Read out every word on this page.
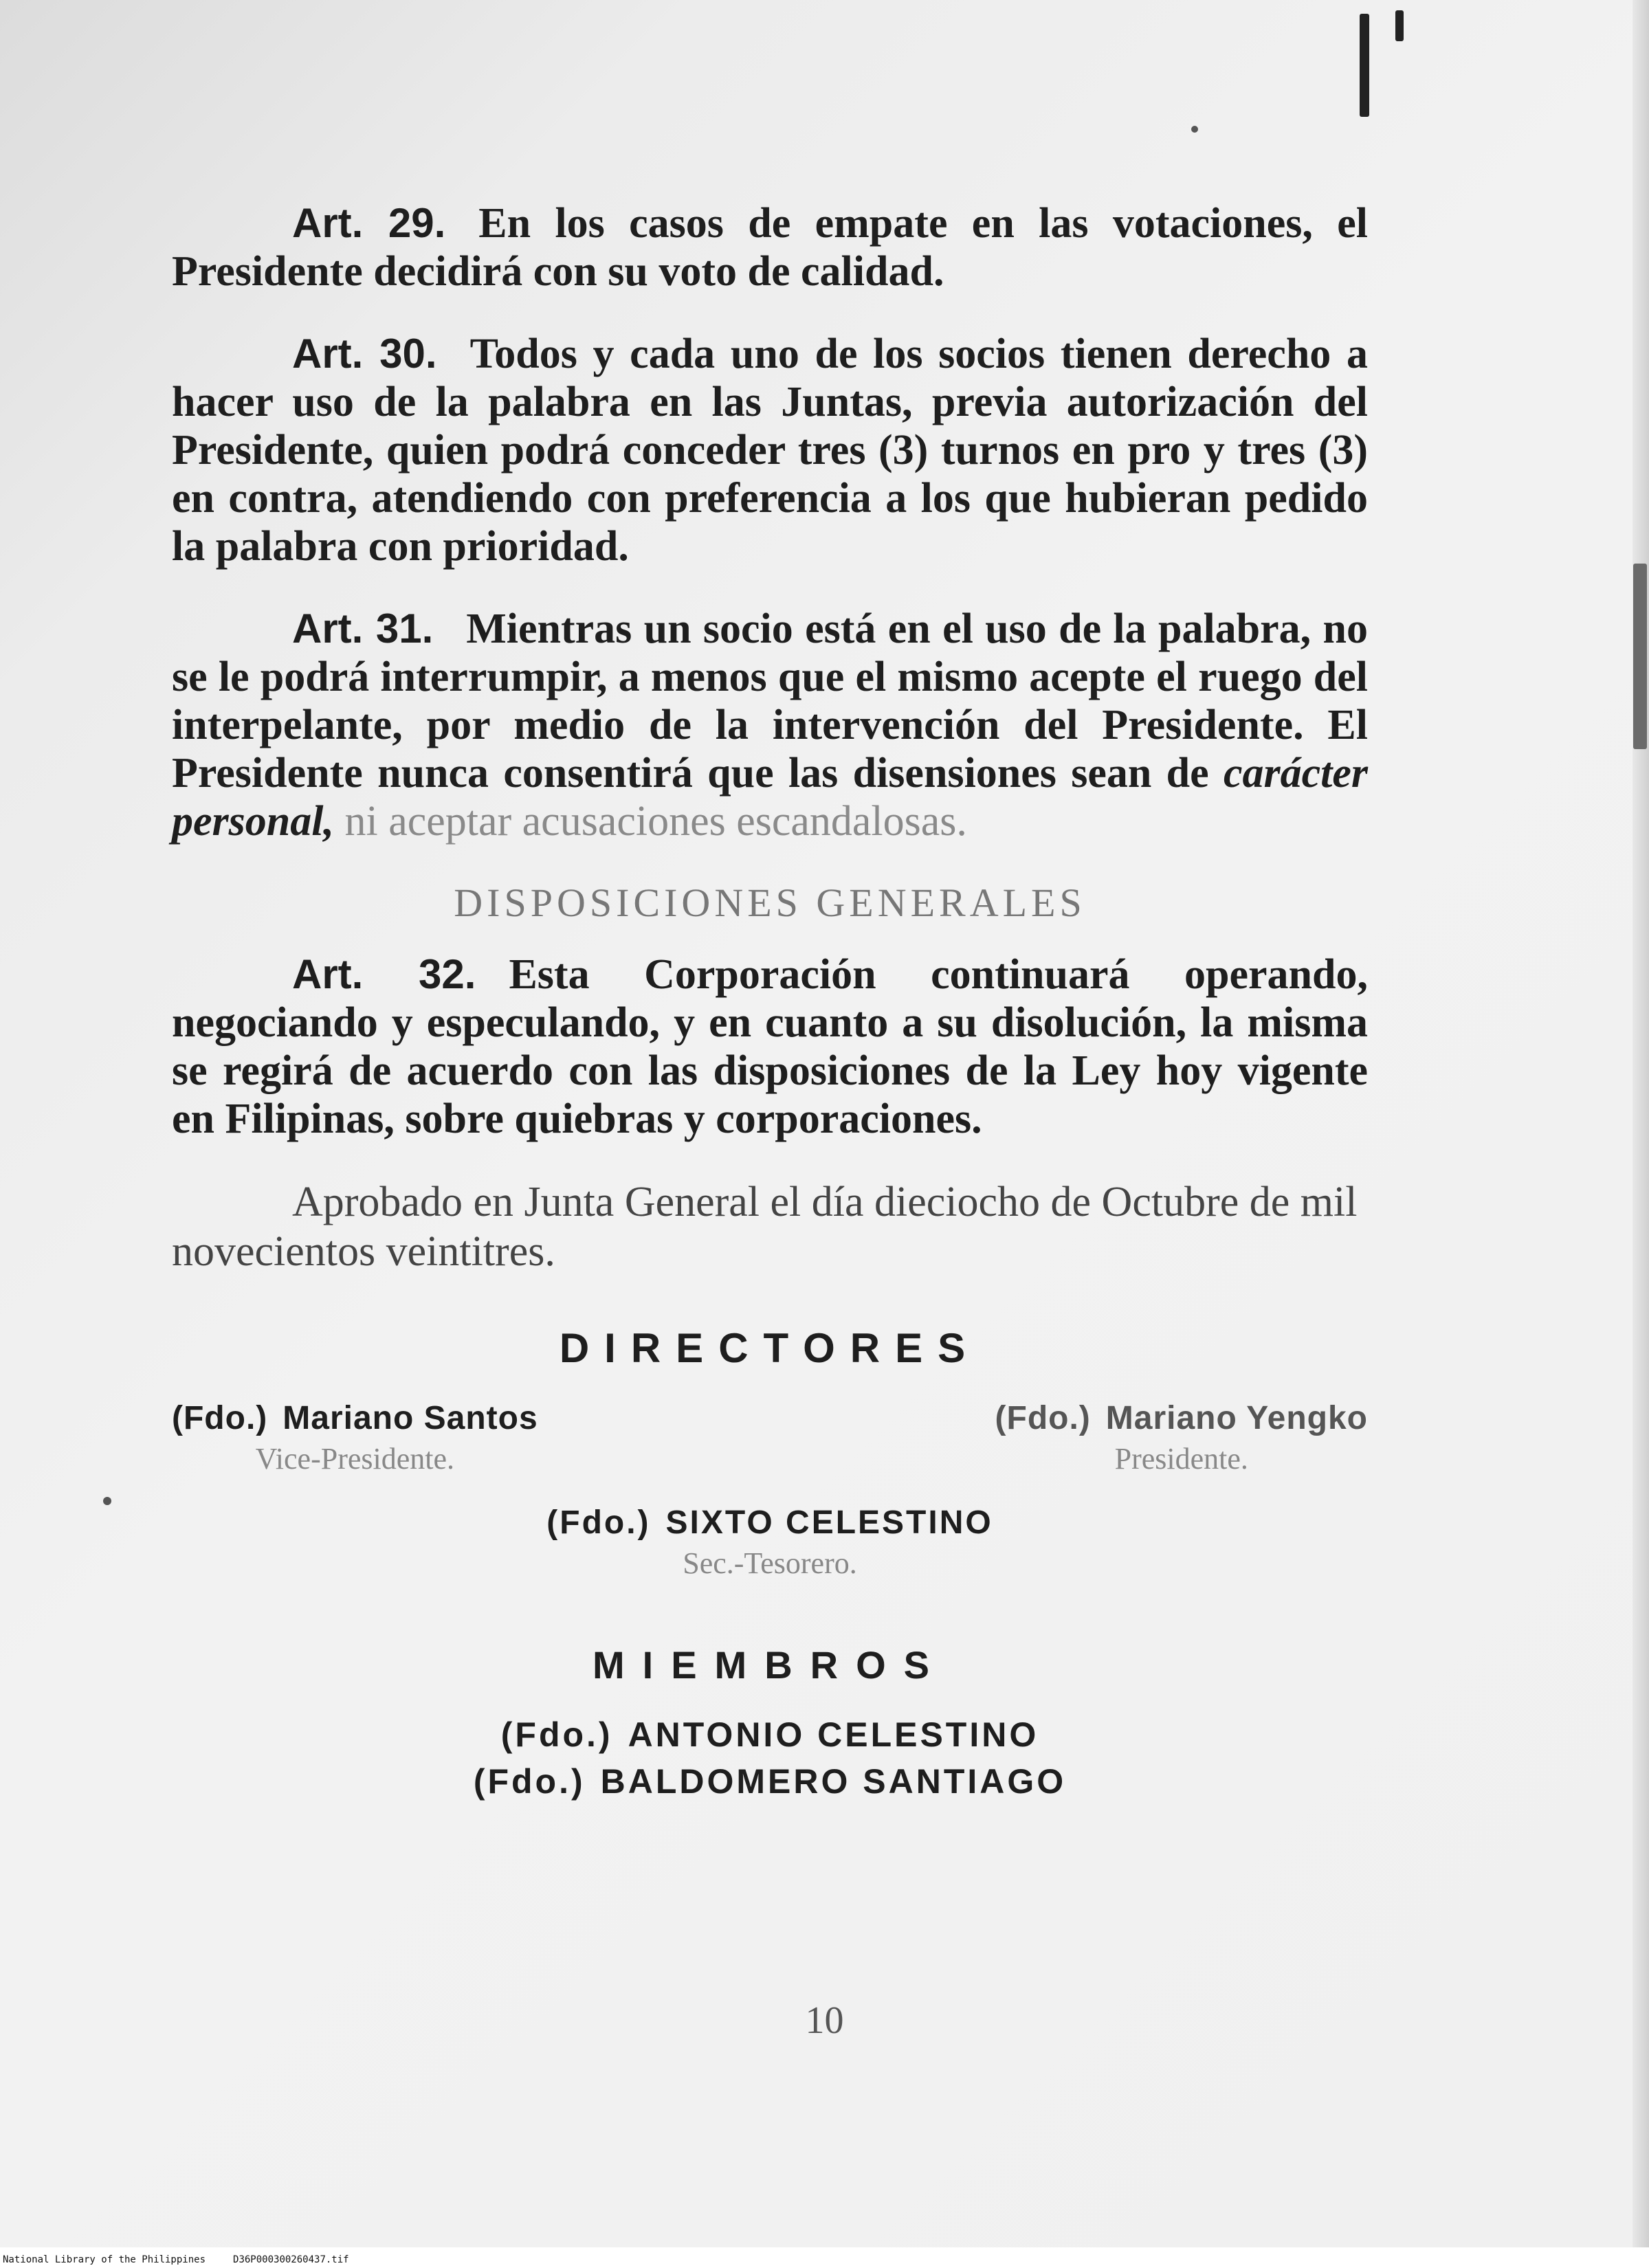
Art. 29. En los casos de empate en las votaciones, el Presidente decidirá con su voto de calidad.

Art. 30. Todos y cada uno de los socios tienen derecho a hacer uso de la palabra en las Juntas, previa autorización del Presidente, quien podrá conceder tres (3) turnos en pro y tres (3) en contra, atendiendo con preferencia a los que hubieran pedido la palabra con prioridad.

Art. 31. Mientras un socio está en el uso de la palabra, no se le podrá interrumpir, a menos que el mismo acepte el ruego del interpelante, por medio de la intervención del Presidente. El Presidente nunca consentirá que las disensiones sean de carácter personal, ni aceptar acusaciones escandalosas.

DISPOSICIONES GENERALES

Art. 32. Esta Corporación continuará operando, negociando y especulando, y en cuanto a su disolución, la misma se regirá de acuerdo con las disposiciones de la Ley hoy vigente en Filipinas, sobre quiebras y corporaciones.

Aprobado en Junta General el día dieciocho de Octubre de mil novecientos veintitres.

DIRECTORES
(Fdo.) Mariano Santos
Vice-Presidente.
(Fdo.) Mariano Yengko
Presidente.
(Fdo.) SIXTO CELESTINO
Sec.-Tesorero.
MIEMBROS
(Fdo.) ANTONIO CELESTINO
(Fdo.) BALDOMERO SANTIAGO
10
National Library of the Philippines	D36P000300260437.tif
